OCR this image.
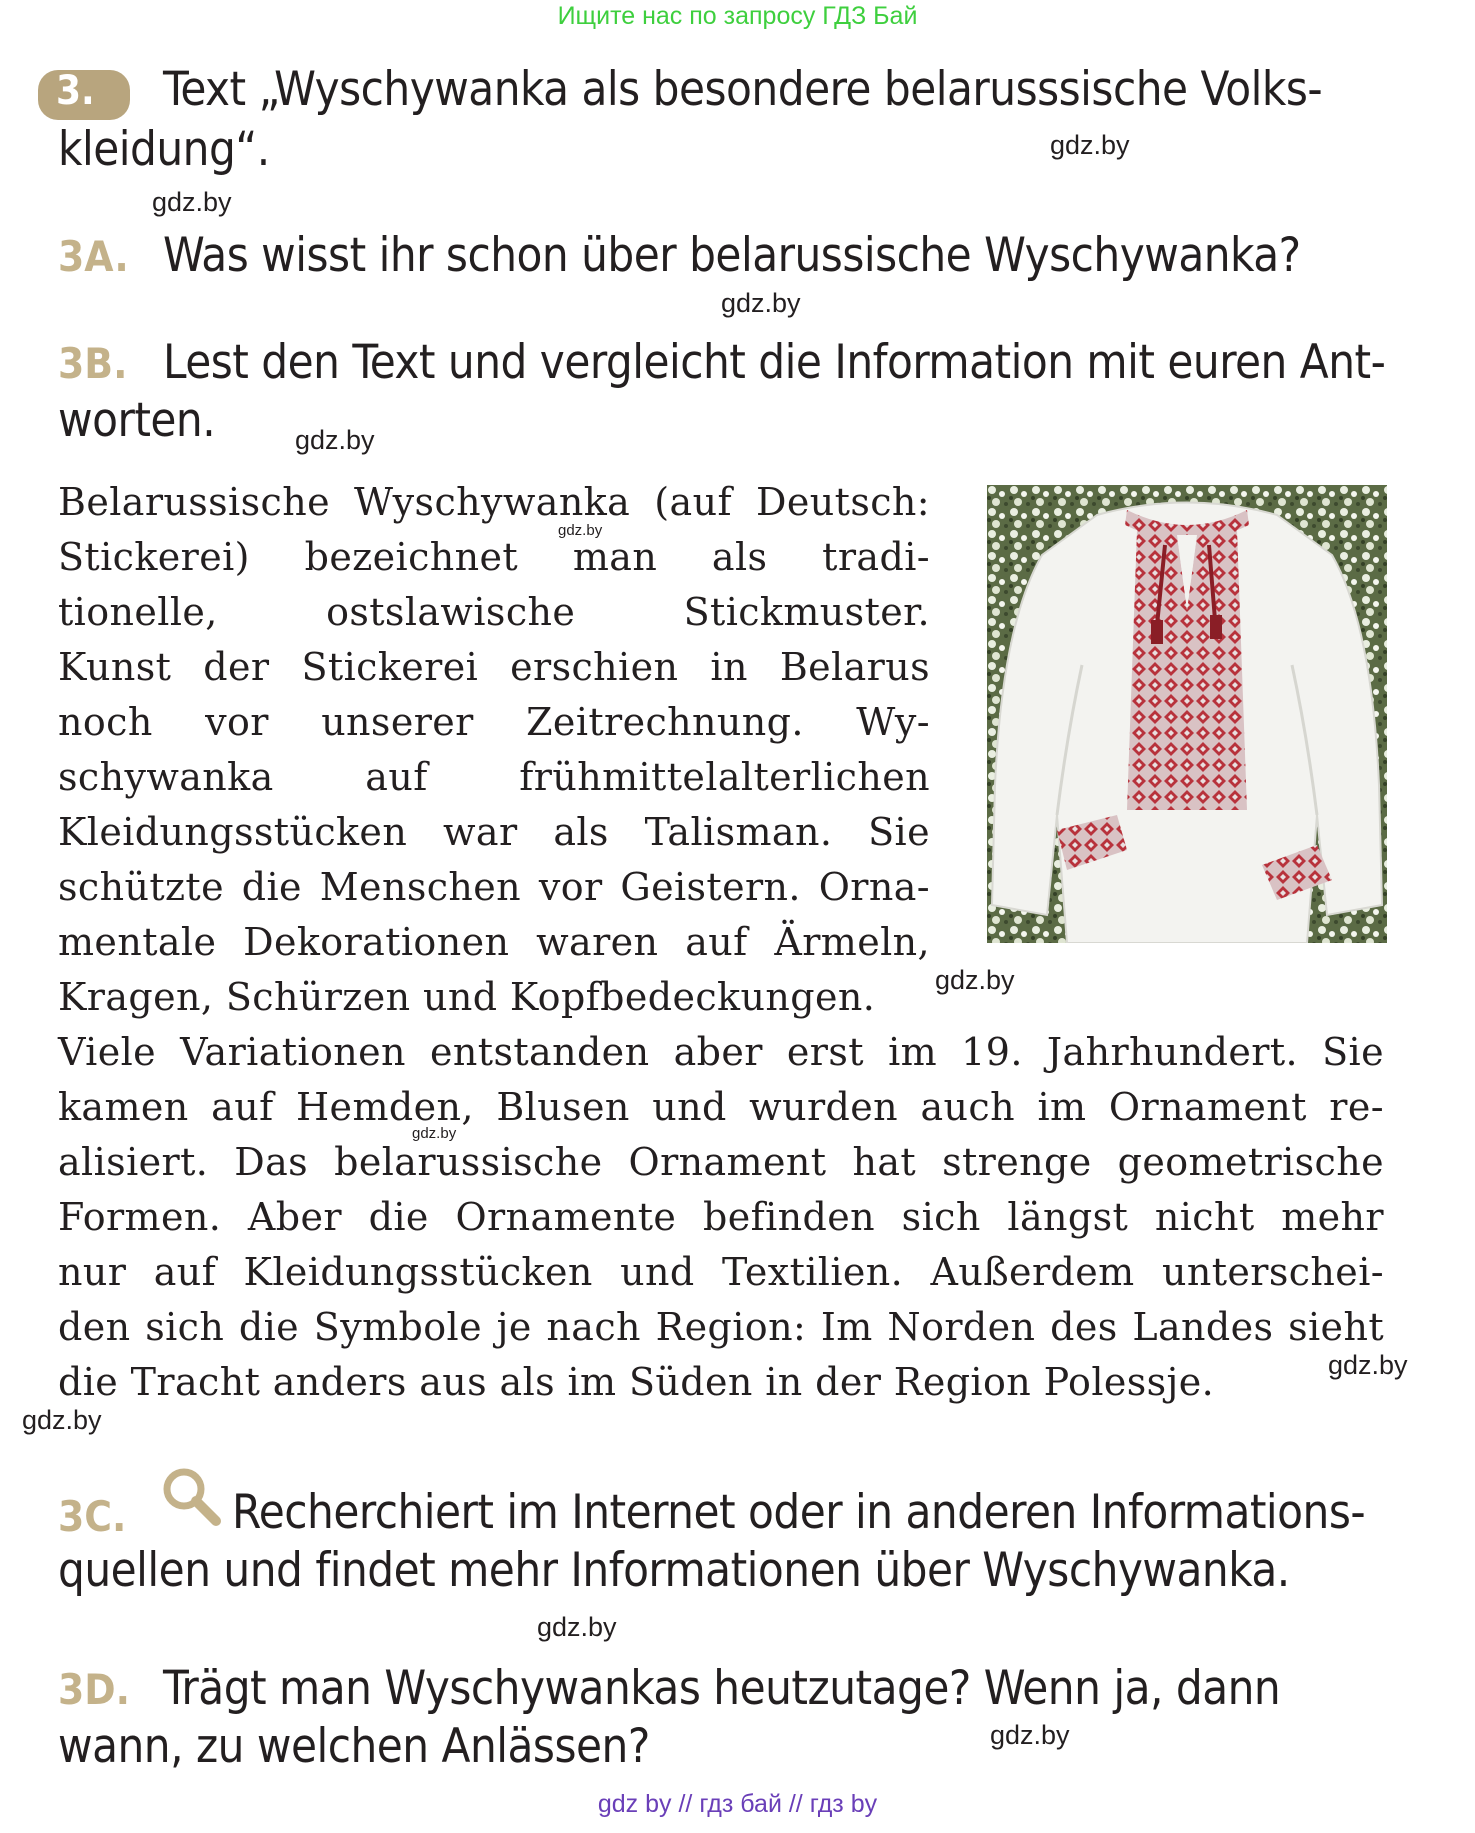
Ищите нас по запросу ГДЗ Бай
3. Text „Wyschywanka als besondere belarusssische Volks-
kleidung“.	gdz.by
gdz.by
3A. Was wisst ihr schon über belarussische Wyschywanka?
gdz.by
3B. Lest den Text und vergleicht die Information mit euren Ant-
worten.	gdz.by
Belarussische Wyschywanka (auf Deutsch:
Stickerei) bezeichnet man als tradi-
tionelle, ostslawische Stickmuster.
Kunst der Stickerei erschien in Belarus
noch vor unserer Zeitrechnung. Wy-
schywanka auf frühmittelalterlichen
Kleidungsstücken war als Talisman. Sie
schützte die Menschen vor Geistern. Orna-
mentale Dekorationen waren auf Ärmeln,
Kragen, Schürzen und Kopfbedeckungen.
gdz.by
gdz.by
Viele Variationen entstanden aber erst im 19. Jahrhundert. Sie
kamen auf Hemden, Blusen und wurden auch im Ornament re-
alisiert. Das belarussische Ornament hat strenge geometrische
Formen. Aber die Ornamente befinden sich längst nicht mehr
nur auf Kleidungsstücken und Textilien. Außerdem unterschei-
den sich die Symbole je nach Region: Im Norden des Landes sieht
die Tracht anders aus als im Süden in der Region Polessje.
gdz.by
gdz.by
gdz.by
3C. Recherchiert im Internet oder in anderen Informations-
quellen und findet mehr Informationen über Wyschywanka.
gdz.by
3D. Trägt man Wyschywankas heutzutage? Wenn ja, dann
wann, zu welchen Anlässen?	gdz.by
gdz by // гдз бай // гдз by
